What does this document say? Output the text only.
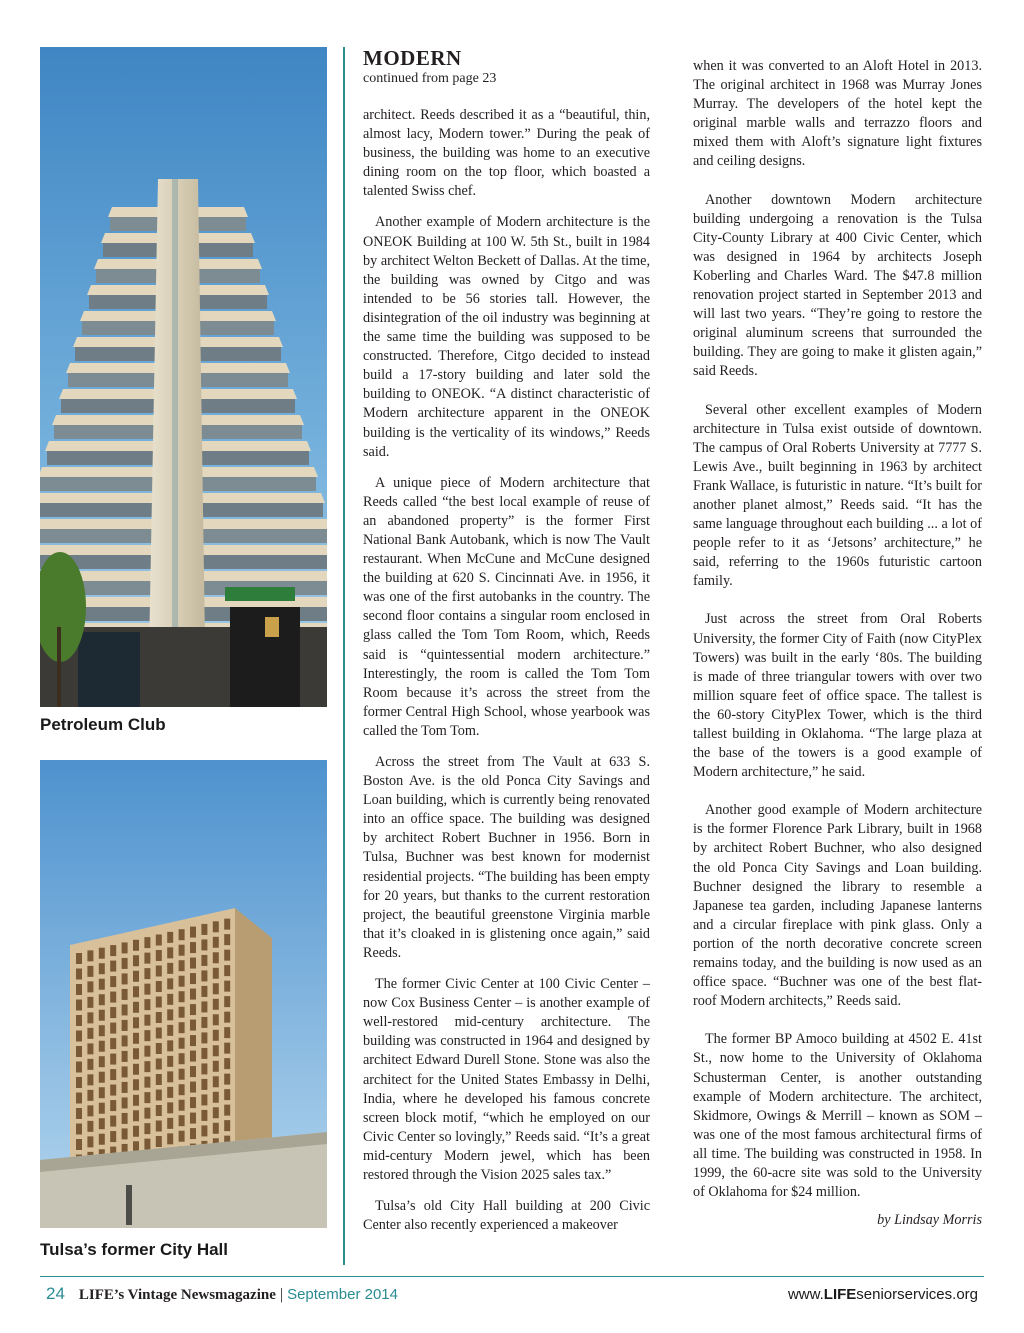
Petroleum Club
Tulsa’s former City Hall
MODERN
continued from page 23

architect. Reeds described it as a “beautiful, thin, almost lacy, Modern tower.” During the peak of business, the building was home to an executive dining room on the top floor, which boasted a talented Swiss chef.

Another example of Modern architecture is the ONEOK Building at 100 W. 5th St., built in 1984 by architect Welton Beckett of Dallas. At the time, the building was owned by Citgo and was intended to be 56 stories tall. However, the disintegration of the oil industry was beginning at the same time the building was supposed to be constructed. Therefore, Citgo decided to instead build a 17-story building and later sold the building to ONEOK. “A distinct characteristic of Modern architecture apparent in the ONEOK building is the verticality of its windows,” Reeds said.

A unique piece of Modern architecture that Reeds called “the best local example of reuse of an abandoned property” is the former First National Bank Autobank, which is now The Vault restaurant. When McCune and McCune designed the building at 620 S. Cincinnati Ave. in 1956, it was one of the first autobanks in the country. The second floor contains a singular room enclosed in glass called the Tom Tom Room, which, Reeds said is “quintessential modern architecture.” Interestingly, the room is called the Tom Tom Room because it’s across the street from the former Central High School, whose yearbook was called the Tom Tom.

Across the street from The Vault at 633 S. Boston Ave. is the old Ponca City Savings and Loan building, which is currently being renovated into an office space. The building was designed by architect Robert Buchner in 1956. Born in Tulsa, Buchner was best known for modernist residential projects. “The building has been empty for 20 years, but thanks to the current restoration project, the beautiful greenstone Virginia marble that it’s cloaked in is glistening once again,” said Reeds.

The former Civic Center at 100 Civic Center – now Cox Business Center – is another example of well-restored mid-century architecture. The building was constructed in 1964 and designed by architect Edward Durell Stone. Stone was also the architect for the United States Embassy in Delhi, India, where he developed his famous concrete screen block motif, “which he employed on our Civic Center so lovingly,” Reeds said. “It’s a great mid-century Modern jewel, which has been restored through the Vision 2025 sales tax.”

Tulsa’s old City Hall building at 200 Civic Center also recently experienced a makeover

when it was converted to an Aloft Hotel in 2013. The original architect in 1968 was Murray Jones Murray. The developers of the hotel kept the original marble walls and terrazzo floors and mixed them with Aloft’s signature light fixtures and ceiling designs.

Another downtown Modern architecture building undergoing a renovation is the Tulsa City-County Library at 400 Civic Center, which was designed in 1964 by architects Joseph Koberling and Charles Ward. The $47.8 million renovation project started in September 2013 and will last two years. “They’re going to restore the original aluminum screens that surrounded the building. They are going to make it glisten again,” said Reeds.

Several other excellent examples of Modern architecture in Tulsa exist outside of downtown. The campus of Oral Roberts University at 7777 S. Lewis Ave., built beginning in 1963 by architect Frank Wallace, is futuristic in nature. “It’s built for another planet almost,” Reeds said. “It has the same language throughout each building ... a lot of people refer to it as ‘Jetsons’ architecture,” he said, referring to the 1960s futuristic cartoon family.

Just across the street from Oral Roberts University, the former City of Faith (now CityPlex Towers) was built in the early ‘80s. The building is made of three triangular towers with over two million square feet of office space. The tallest is the 60-story CityPlex Tower, which is the third tallest building in Oklahoma. “The large plaza at the base of the towers is a good example of Modern architecture,” he said.

Another good example of Modern architecture is the former Florence Park Library, built in 1968 by architect Robert Buchner, who also designed the old Ponca City Savings and Loan building. Buchner designed the library to resemble a Japanese tea garden, including Japanese lanterns and a circular fireplace with pink glass. Only a portion of the north decorative concrete screen remains today, and the building is now used as an office space. “Buchner was one of the best flat-roof Modern architects,” Reeds said.

The former BP Amoco building at 4502 E. 41st St., now home to the University of Oklahoma Schusterman Center, is another outstanding example of Modern architecture. The architect, Skidmore, Owings & Merrill – known as SOM – was one of the most famous architectural firms of all time. The building was constructed in 1958. In 1999, the 60-acre site was sold to the University of Oklahoma for $24 million.

by Lindsay Morris

24 LIFE’s Vintage Newsmagazine | September 2014	www.LIFEseniorservices.org
